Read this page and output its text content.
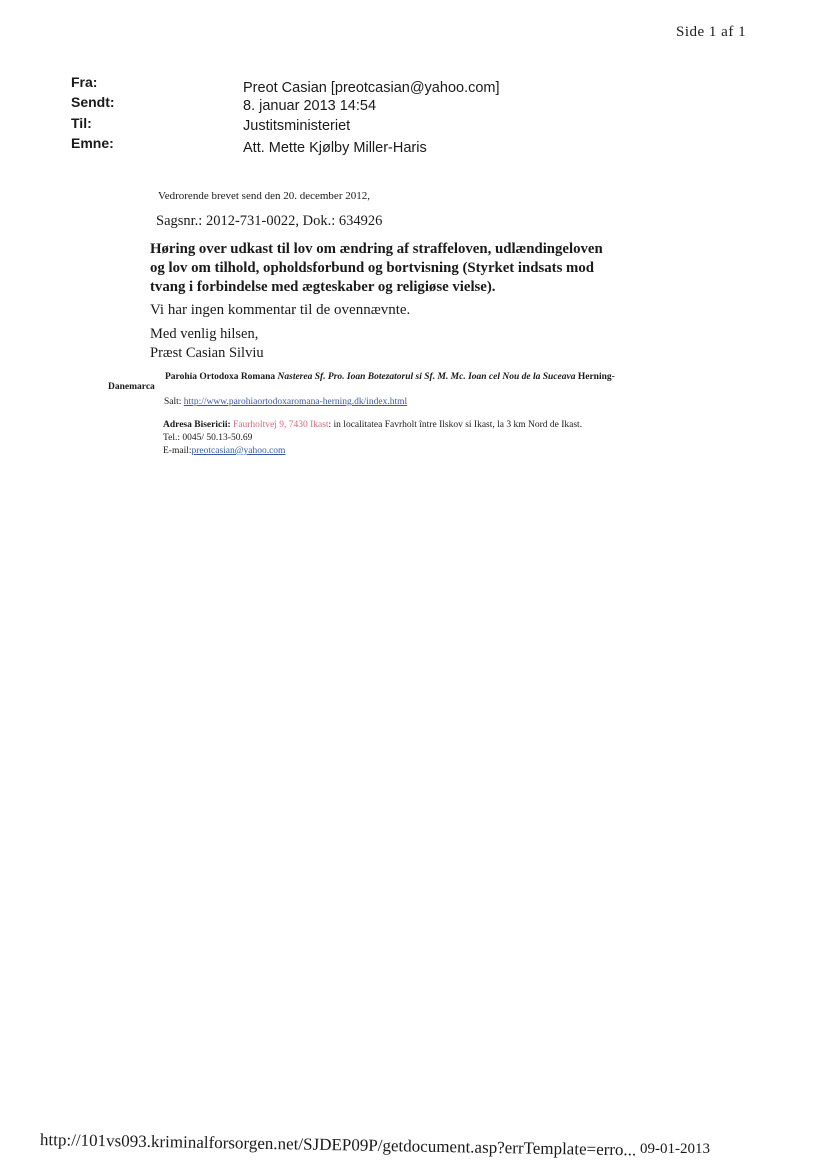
Side 1 af 1
Fra:	Preot Casian [preotcasian@yahoo.com]
Sendt:	8. januar 2013 14:54
Til:	Justitsministeriet
Emne:	Att. Mette Kjølby Miller-Haris
Vedrorende brevet send den 20. december 2012,
Sagsnr.: 2012-731-0022, Dok.: 634926
Høring over udkast til lov om ændring af straffeloven, udlændingeloven
og lov om tilhold, opholdsforbund og bortvisning (Styrket indsats mod
tvang i forbindelse med ægteskaber og religiøse vielse).
Vi har ingen kommentar til de ovennævnte.
Med venlig hilsen,
Præst Casian Silviu
Danemarca
Parohia Ortodoxa Romana Nasterea Sf. Pro. Ioan Botezatorul si Sf. M. Mc. Ioan cel Nou de la Suceava Herning-
Salt: http://www.parohiaortodoxaromana-herning.dk/index.html
Adresa Bisericii: Faurholtvej 9, 7430 Ikast: in localitatea Favrholt între Ilskov si Ikast, la 3 km Nord de Ikast.
Tel.: 0045/ 50.13-50.69
E-mail:preotcasian@yahoo.com
http://101vs093.kriminalforsorgen.net/SJDEP09P/getdocument.asp?errTemplate=erro... 09-01-2013
